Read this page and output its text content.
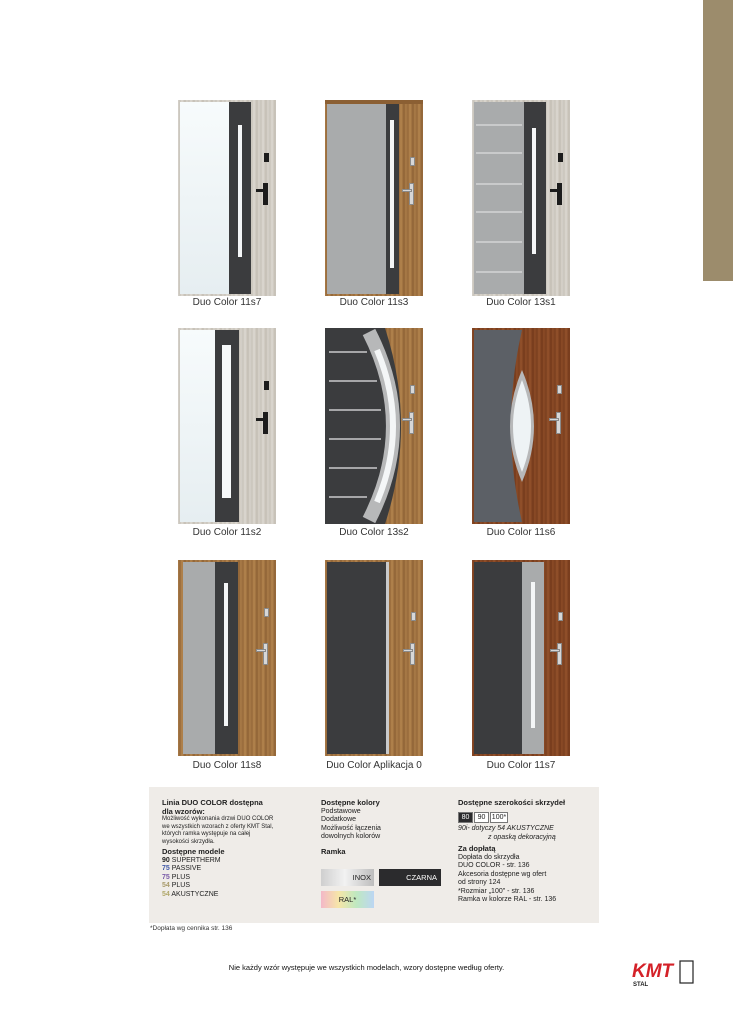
Duo Color 11s7	Duo Color 11s3	Duo Color 13s1
Duo Color 11s2	Duo Color 13s2	Duo Color 11s6
Duo Color 11s8	Duo Color Aplikacja 0	Duo Color 11s7
Linia DUO COLOR dostępna
dla wzorów:
Możliwość wykonania drzwi DUO COLOR
we wszystkich wzorach z oferty KMT Stal,
których ramka występuje na całej
wysokości skrzydła.
Dostępne modele
90 SUPERTHERM
75 PASSIVE
75 PLUS
54 PLUS
54 AKUSTYCZNE
Dostępne kolory
Podstawowe
Dodatkowe
Możliwość łączenia
dowolnych kolorów
Ramka
INOX	CZARNA
RAL*
Dostępne szerokości skrzydeł
80	90 100*
90i- dotyczy 54 AKUSTYCZNE
z opaską dekoracyjną
Za dopłatą
Dopłata do skrzydła
DUO COLOR - str. 136
Akcesoria dostępne wg ofert
od strony 124
*Rozmiar „100" - str. 136
Ramka w kolorze RAL - str. 136
*Dopłata wg cennika str. 136
Nie każdy wzór występuje we wszystkich modelach, wzory dostępne według oferty.	KMT
STAL
